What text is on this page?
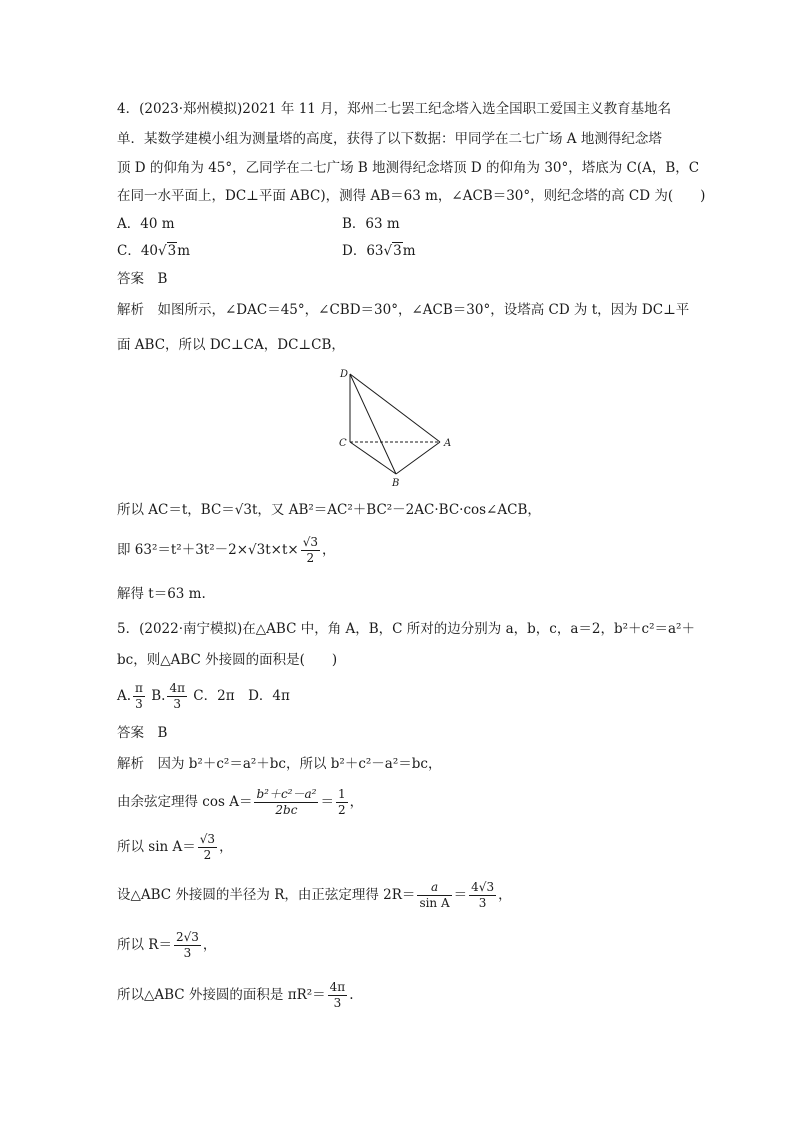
4．(2023·郑州模拟)2021 年 11 月，郑州二七罢工纪念塔入选全国职工爱国主义教育基地名
单．某数学建模小组为测量塔的高度，获得了以下数据：甲同学在二七广场 A 地测得纪念塔
顶 D 的仰角为 45°，乙同学在二七广场 B 地测得纪念塔顶 D 的仰角为 30°，塔底为 C(A，B，C
在同一水平面上，DC⊥平面 ABC)，测得 AB＝63 m，∠ACB＝30°，则纪念塔的高 CD 为(　　)
A．40 m	B．63 m
C．40√3m	D．63√3m
答案　B
解析　如图所示，∠DAC＝45°，∠CBD＝30°，∠ACB＝30°，设塔高 CD 为 t，因为 DC⊥平
面 ABC，所以 DC⊥CA，DC⊥CB，
D
C	A
B
所以 AC＝t，BC＝√3t，又 AB²＝AC²＋BC²－2AC·BC·cos∠ACB，
即 $63^2=t^2+3t^2-2\times√3t\times t\times \frac{√3}{2}$ ，
解得 t＝63 m.
5．(2022·南宁模拟)在△ABC 中，角 A，B，C 所对的边分别为 a，b，c，a＝2，b²＋c²＝a²＋
bc，则△ABC 外接圆的面积是(　　)
A. $\frac{\pi}{3} B$. $\frac{4\pi}{3}$ C．2π　D．4π
答案　B
解析　因为 b²＋c²＝a²＋bc，所以 b²＋c²－a²＝bc，
由余弦定理得 $\cos A= \frac{\text{b²＋c²－a²}}{2bc} = \frac{1}{2}$ ，
所以 $\sin A= \frac{√3}{2}$ ，
设△ABC 外接圆的半径为 R，由正弦定理得 $2R= \frac{a}{\text{sin A}} = \frac{4√3}{3}$ ，
所以 $R= \frac{2√3}{3}$ ，
所以△ABC 外接圆的面积是 $\pi R^2= \frac{4\pi}{3}$ .
